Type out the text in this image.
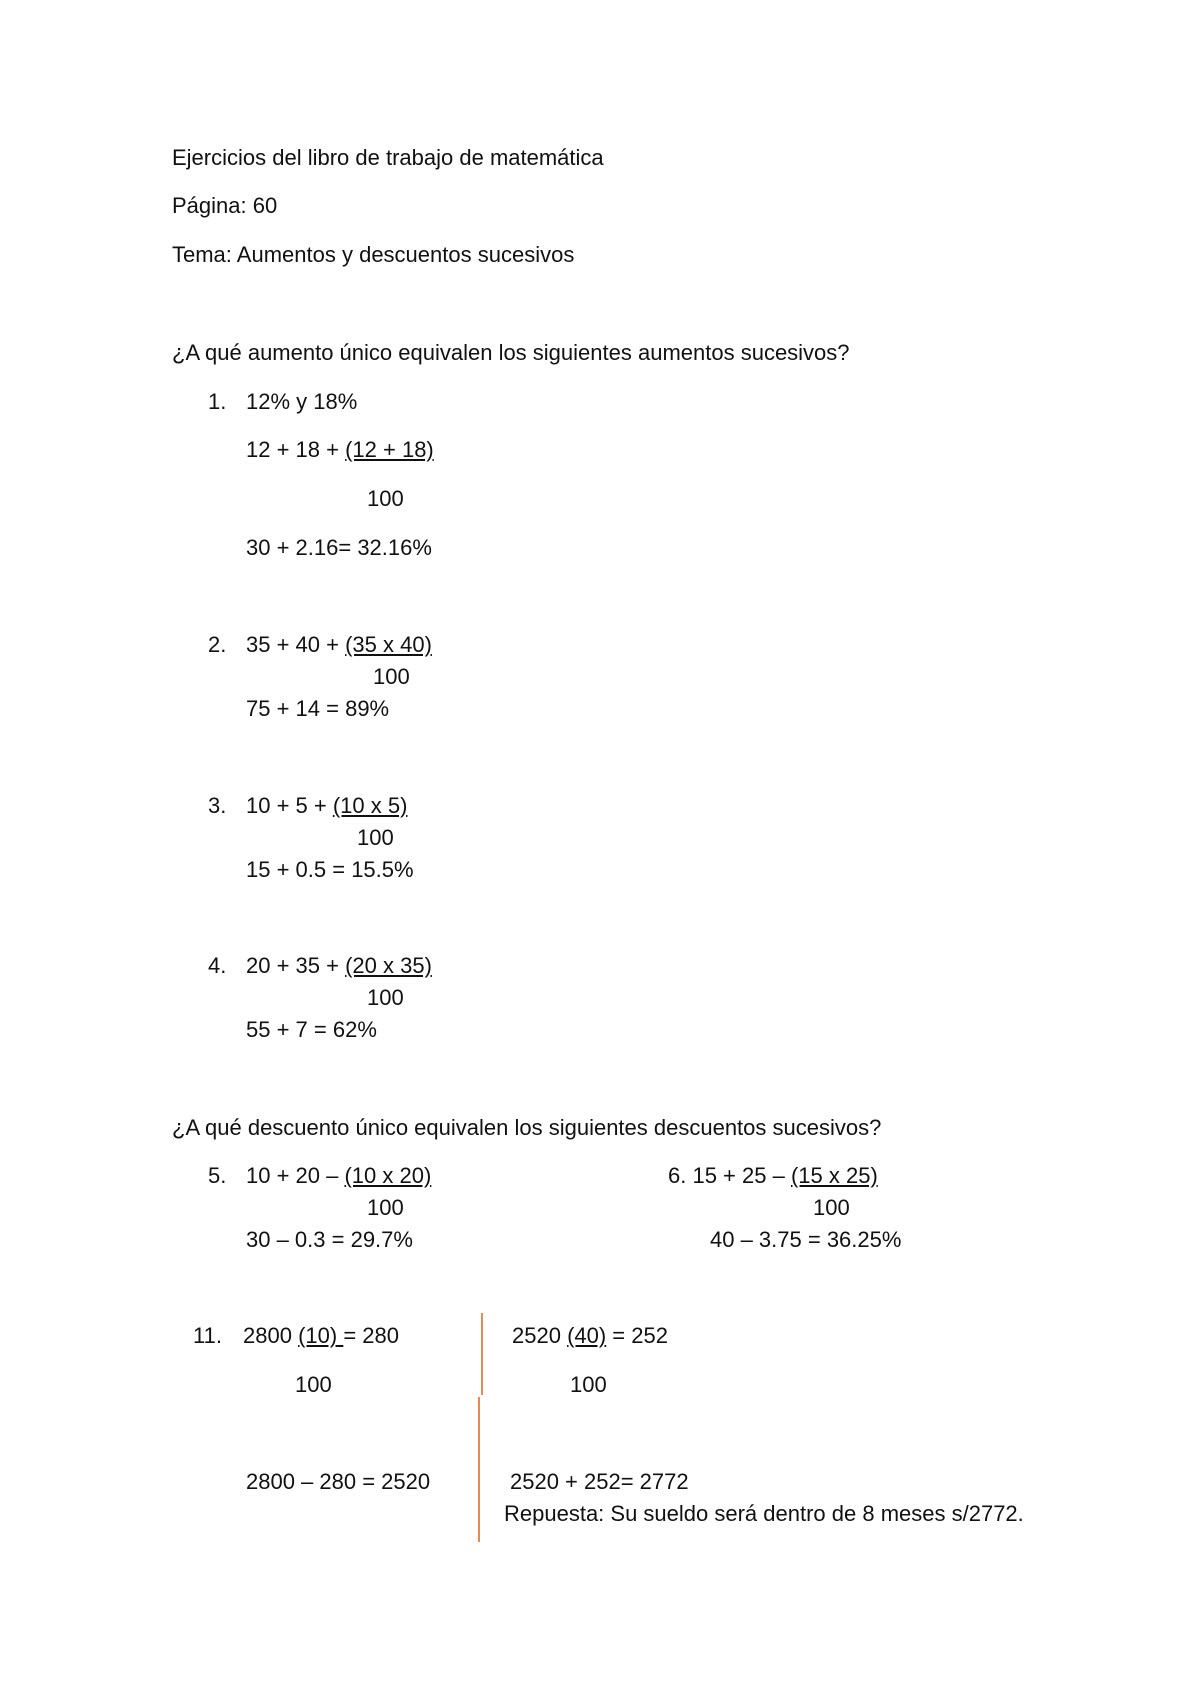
Ejercicios del libro de trabajo de matemática
Página: 60
Tema: Aumentos y descuentos sucesivos
¿A qué aumento único equivalen los siguientes aumentos sucesivos?
1. 12% y 18%
12 + 18 + (12 + 18)
100
30 + 2.16= 32.16%
2. 35 + 40 + (35 x 40)
100
75 + 14 = 89%
3. 10 + 5 + (10 x 5)
100
15 + 0.5 = 15.5%
4. 20 + 35 + (20 x 35)
100
55 + 7 = 62%
¿A qué descuento único equivalen los siguientes descuentos sucesivos?
5. 10 + 20 – (10 x 20)
100
30 – 0.3 = 29.7%
6. 15 + 25 – (15 x 25)
100
40 – 3.75 = 36.25%
11. 2800 (10) = 280
100
2800 – 280 = 2520
2520 (40) = 252
100
2520 + 252= 2772
Repuesta: Su sueldo será dentro de 8 meses s/2772.
